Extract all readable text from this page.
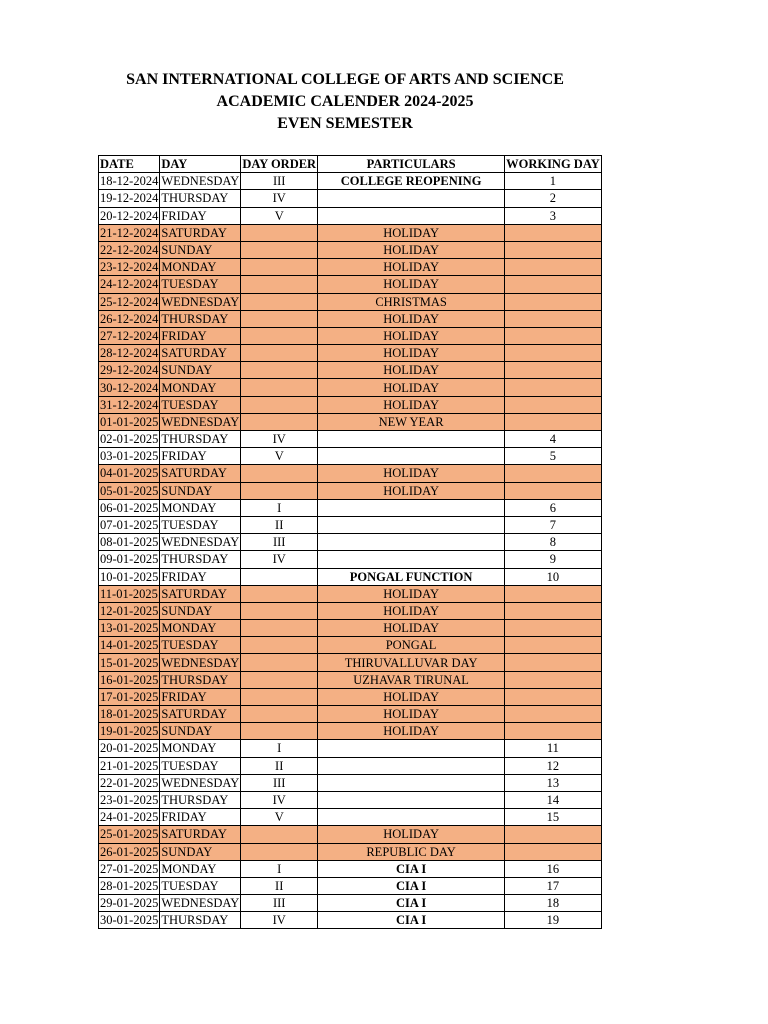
SAN INTERNATIONAL COLLEGE OF ARTS AND SCIENCE
ACADEMIC CALENDER 2024-2025
EVEN SEMESTER
DATE	DAY	DAY ORDER	PARTICULARS	WORKING DAY
18-12-2024	WEDNESDAY	III	COLLEGE REOPENING	1
19-12-2024	THURSDAY	IV		2
20-12-2024	FRIDAY	V		3
21-12-2024	SATURDAY		HOLIDAY	
22-12-2024	SUNDAY		HOLIDAY	
23-12-2024	MONDAY		HOLIDAY	
24-12-2024	TUESDAY		HOLIDAY	
25-12-2024	WEDNESDAY		CHRISTMAS	
26-12-2024	THURSDAY		HOLIDAY	
27-12-2024	FRIDAY		HOLIDAY	
28-12-2024	SATURDAY		HOLIDAY	
29-12-2024	SUNDAY		HOLIDAY	
30-12-2024	MONDAY		HOLIDAY	
31-12-2024	TUESDAY		HOLIDAY	
01-01-2025	WEDNESDAY		NEW YEAR	
02-01-2025	THURSDAY	IV		4
03-01-2025	FRIDAY	V		5
04-01-2025	SATURDAY		HOLIDAY	
05-01-2025	SUNDAY		HOLIDAY	
06-01-2025	MONDAY	I		6
07-01-2025	TUESDAY	II		7
08-01-2025	WEDNESDAY	III		8
09-01-2025	THURSDAY	IV		9
10-01-2025	FRIDAY		PONGAL FUNCTION	10
11-01-2025	SATURDAY		HOLIDAY	
12-01-2025	SUNDAY		HOLIDAY	
13-01-2025	MONDAY		HOLIDAY	
14-01-2025	TUESDAY		PONGAL	
15-01-2025	WEDNESDAY		THIRUVALLUVAR DAY	
16-01-2025	THURSDAY		UZHAVAR TIRUNAL	
17-01-2025	FRIDAY		HOLIDAY	
18-01-2025	SATURDAY		HOLIDAY	
19-01-2025	SUNDAY		HOLIDAY	
20-01-2025	MONDAY	I		11
21-01-2025	TUESDAY	II		12
22-01-2025	WEDNESDAY	III		13
23-01-2025	THURSDAY	IV		14
24-01-2025	FRIDAY	V		15
25-01-2025	SATURDAY		HOLIDAY	
26-01-2025	SUNDAY		REPUBLIC DAY	
27-01-2025	MONDAY	I	CIA I	16
28-01-2025	TUESDAY	II	CIA I	17
29-01-2025	WEDNESDAY	III	CIA I	18
30-01-2025	THURSDAY	IV	CIA I	19
